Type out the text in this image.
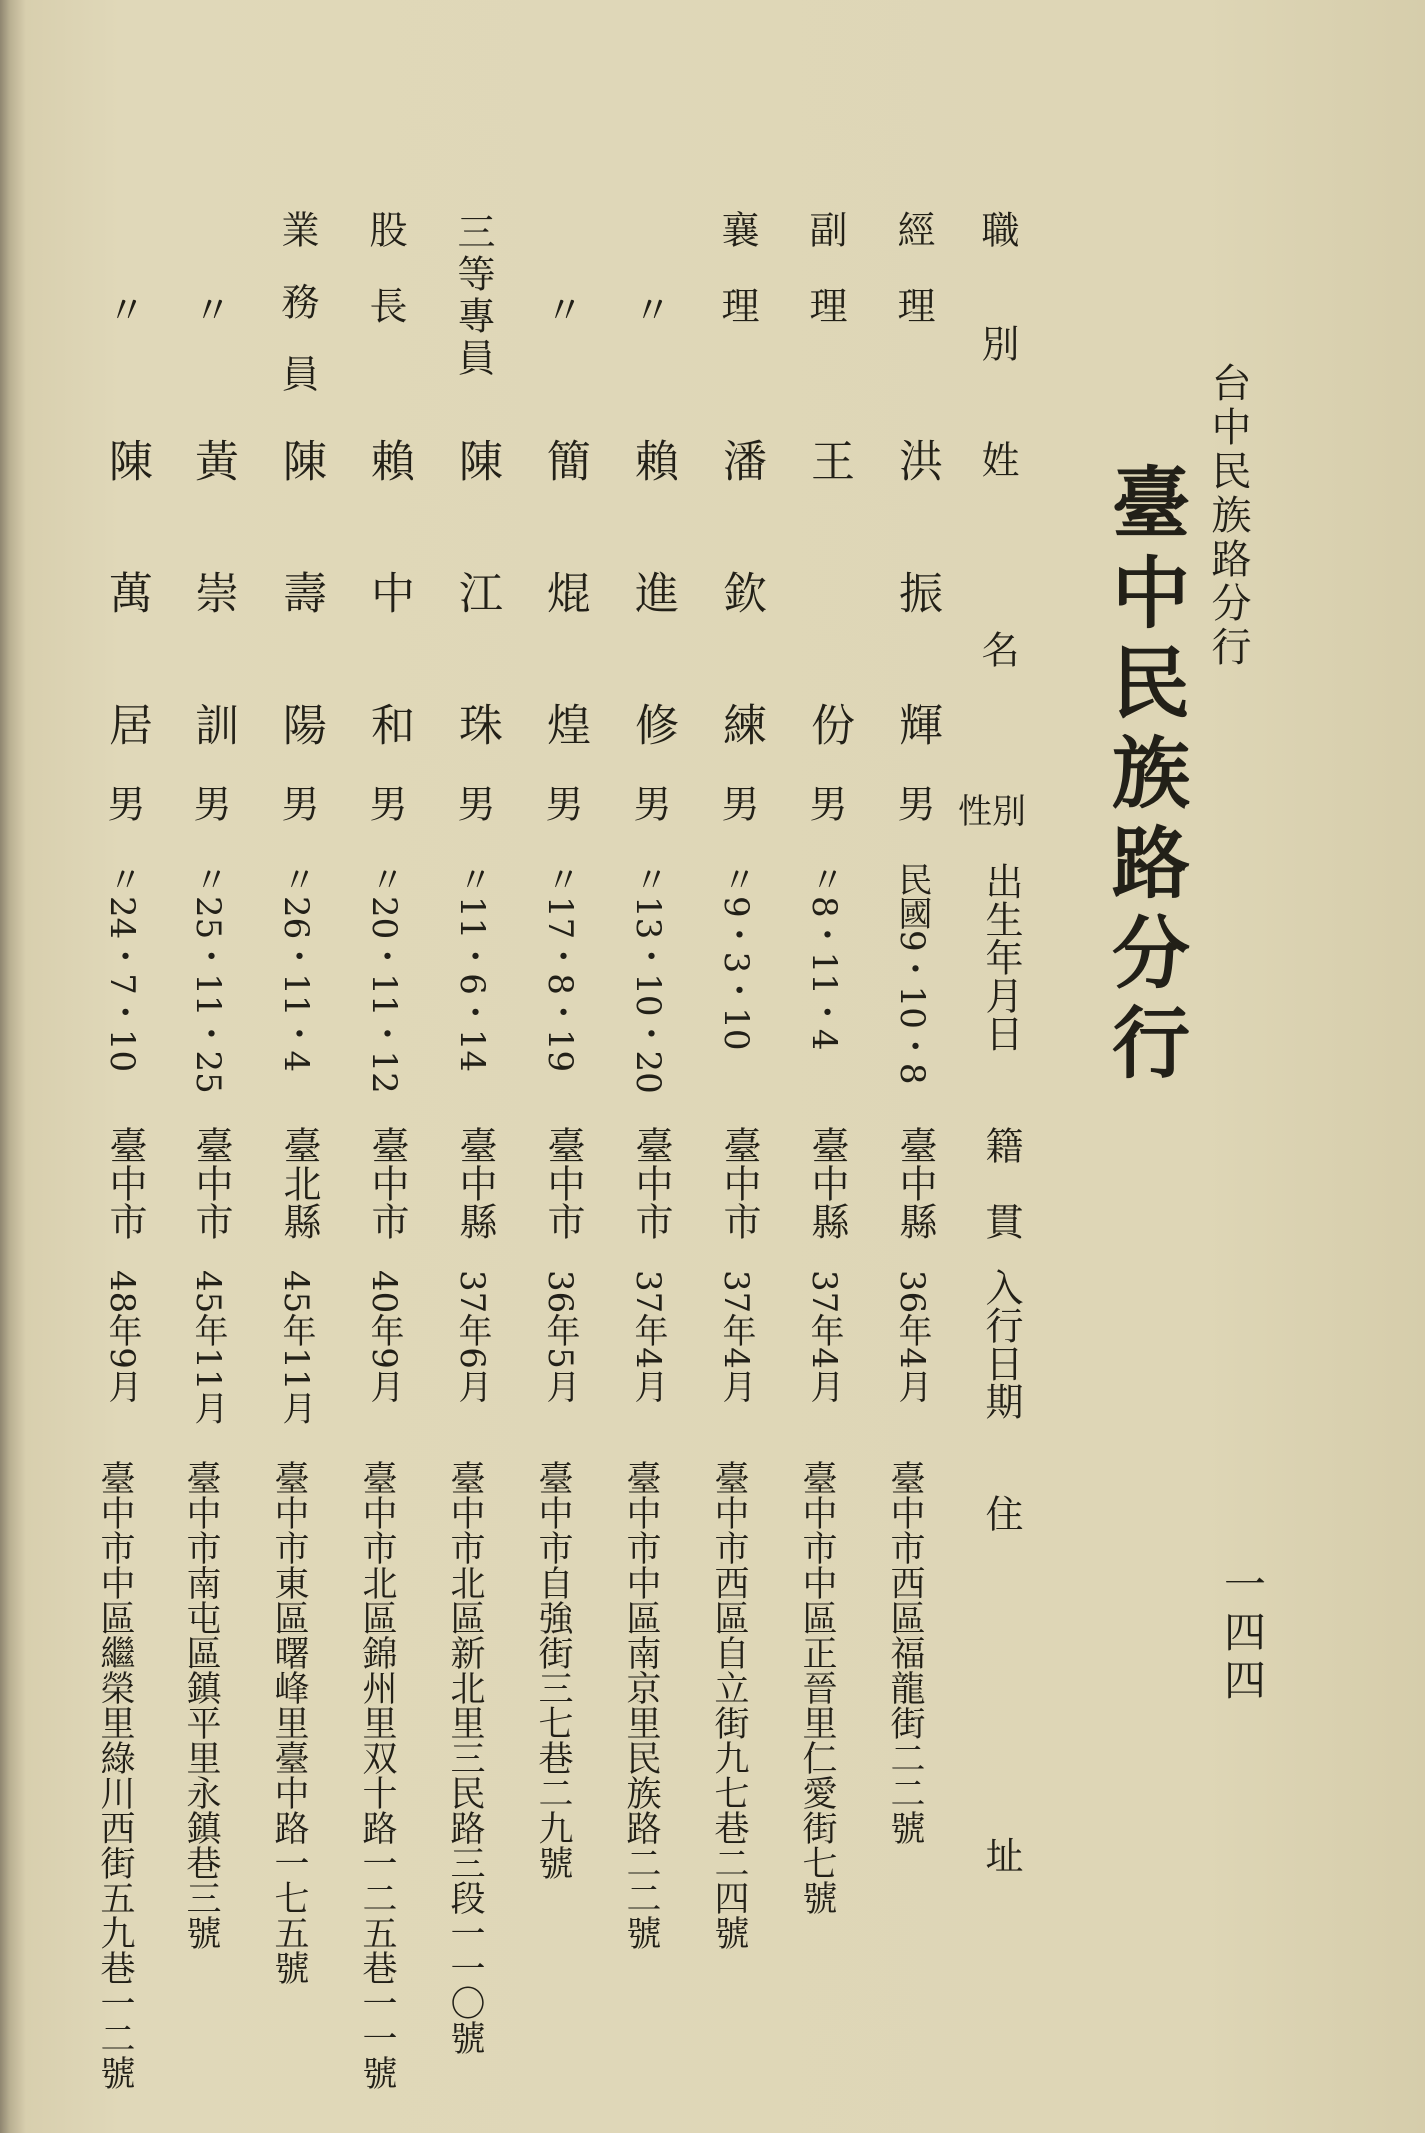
台中民族路分行
一四四
臺中民族路分行
職　　別
姓　　　　名
性別
出生年月日
籍　貫
入行日期
住　　　　　　　　址
經　理
洪
振
輝
男
民國9・10・8
臺中縣
36年4月
臺中市西區福龍街二二號
副　理
王
份
男
〃8・11・4
臺中縣
37年4月
臺中市中區正晉里仁愛街七號
襄　理
潘
欽
練
男
〃9・3・10
臺中市
37年4月
臺中市西區自立街九七巷二四號
〃
賴
進
修
男
〃13・10・20
臺中市
37年4月
臺中市中區南京里民族路二二號
〃
簡
焜
煌
男
〃17・8・19
臺中市
36年5月
臺中市自強街三七巷二九號
三等專員
陳
江
珠
男
〃11・6・14
臺中縣
37年6月
臺中市北區新北里三民路三段一一〇號
股　長
賴
中
和
男
〃20・11・12
臺中市
40年9月
臺中市北區錦州里双十路一二五巷一一號
業務員
陳
壽
陽
男
〃26・11・4
臺北縣
45年11月
臺中市東區曙峰里臺中路一七五號
〃
黃
崇
訓
男
〃25・11・25
臺中市
45年11月
臺中市南屯區鎮平里永鎮巷三號
〃
陳
萬
居
男
〃24・7・10
臺中市
48年9月
臺中市中區繼榮里綠川西街五九巷一二號
